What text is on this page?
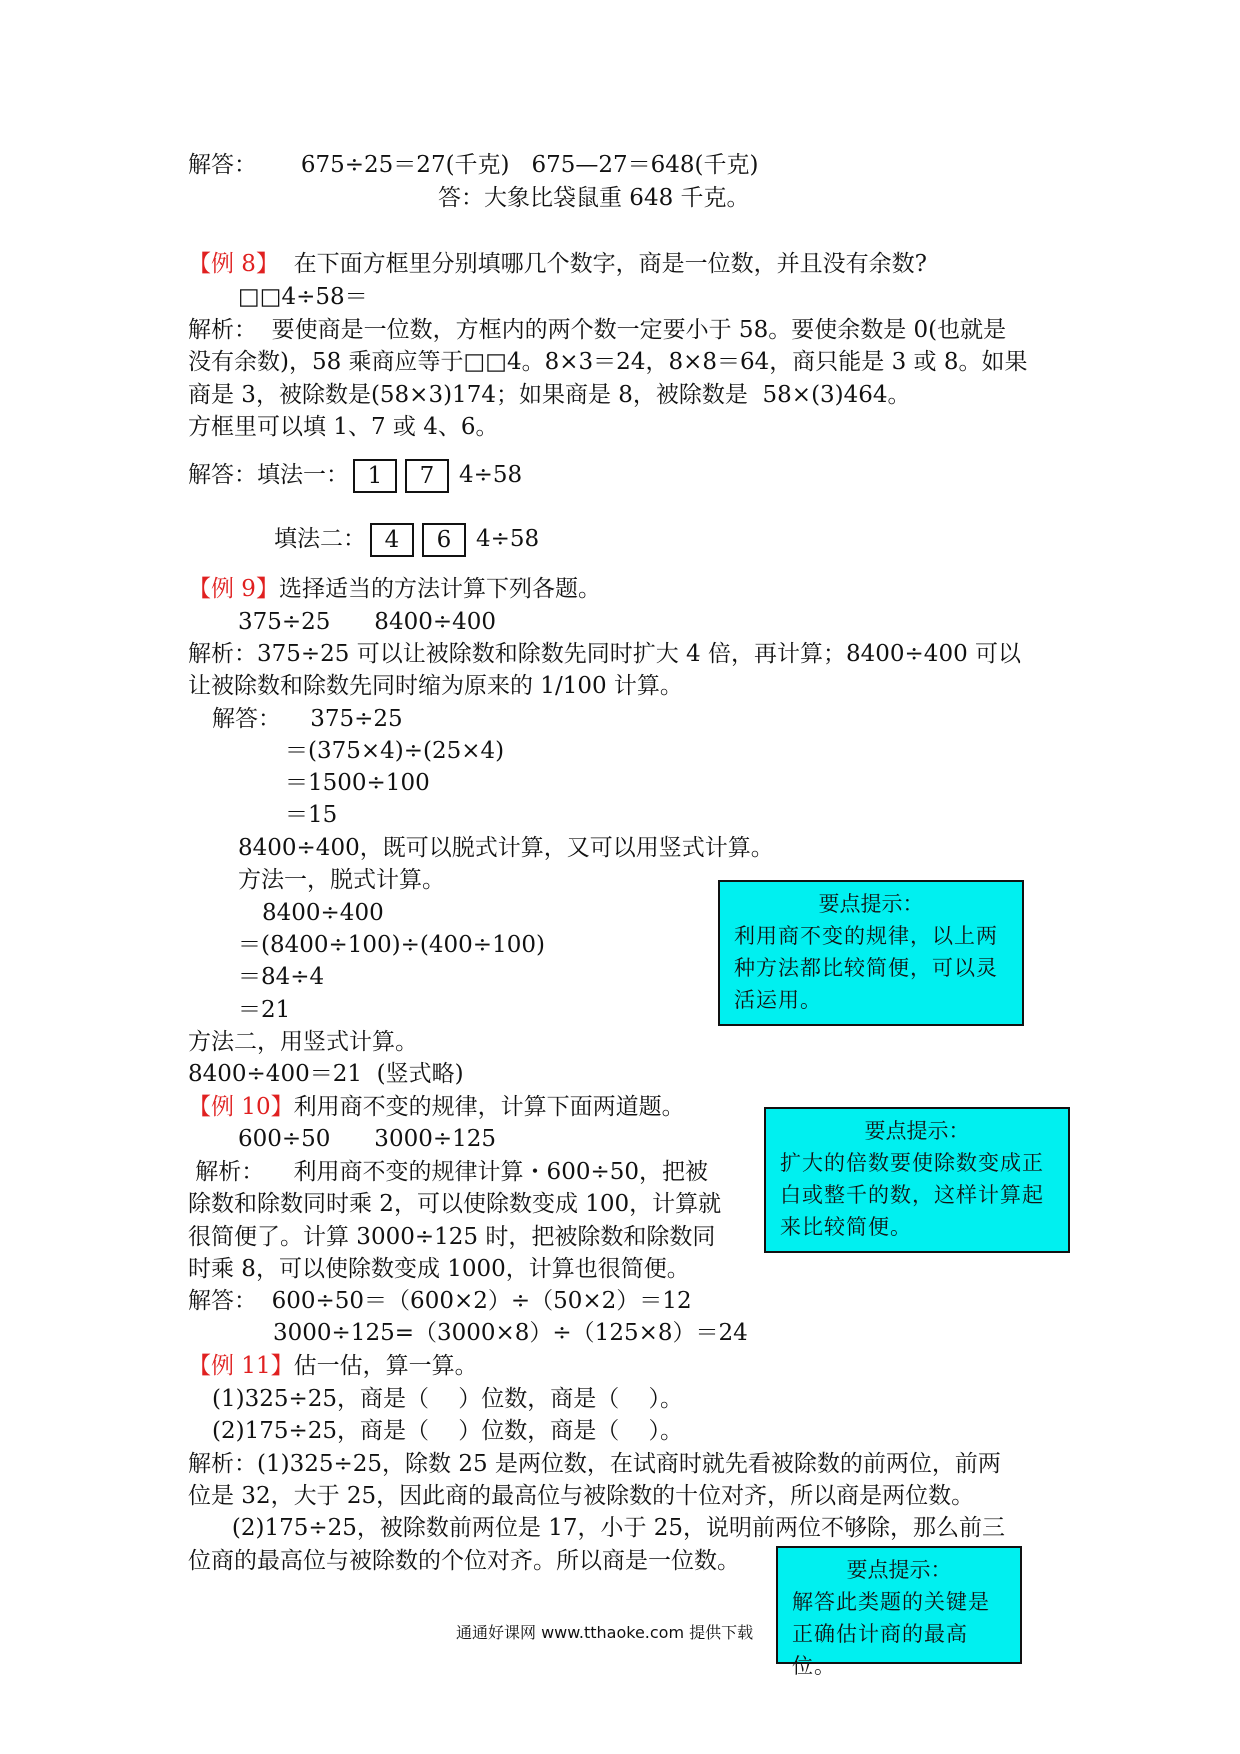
解答：      675÷25＝27(千克)   675—27＝648(千克)
答：大象比袋鼠重 648 千克。
【例 8】  在下面方框里分别填哪几个数字，商是一位数，并且没有余数?
□□4÷58＝
解析：  要使商是一位数，方框内的两个数一定要小于 58。要使余数是 0(也就是
没有余数)，58 乘商应等于□□4。8×3＝24，8×8＝64，商只能是 3 或 8。如果
商是 3，被除数是(58×3)174；如果商是 8，被除数是  58×(3)464。
方框里可以填 1、7 或 4、6。
解答：填法一： 1 7 4÷58
填法二： 4 6 4÷58
【例 9】选择适当的方法计算下列各题。
375÷25      8400÷400
解析：375÷25 可以让被除数和除数先同时扩大 4 倍，再计算；8400÷400 可以
让被除数和除数先同时缩为原来的 1/100 计算。
解答：    375÷25
＝(375×4)÷(25×4)
＝1500÷100
＝15
8400÷400，既可以脱式计算，又可以用竖式计算。
方法一，脱式计算。
8400÷400
＝(8400÷100)÷(400÷100)
＝84÷4
＝21
方法二，用竖式计算。
8400÷400＝21  (竖式略)
要点提示：
利用商不变的规律，以上两种方法都比较简便，可以灵活运用。
【例 10】利用商不变的规律，计算下面两道题。
600÷50      3000÷125
解析：    利用商不变的规律计算・600÷50，把被
除数和除数同时乘 2，可以使除数变成 100，计算就
很简便了。计算 3000÷125 时，把被除数和除数同
时乘 8，可以使除数变成 1000，计算也很简便。
解答：  600÷50＝（600×2）÷（50×2）＝12
3000÷125=（3000×8）÷（125×8）＝24
要点提示：
扩大的倍数要使除数变成正白或整千的数，这样计算起来比较简便。
【例 11】估一估，算一算。
(1)325÷25，商是（    ）位数，商是（    ）。
(2)175÷25，商是（    ）位数，商是（    ）。
解析：(1)325÷25，除数 25 是两位数，在试商时就先看被除数的前两位，前两
位是 32，大于 25，因此商的最高位与被除数的十位对齐，所以商是两位数。
(2)175÷25，被除数前两位是 17，小于 25，说明前两位不够除，那么前三
位商的最高位与被除数的个位对齐。所以商是一位数。
通通好课网 www.tthaoke.com 提供下载
要点提示：
解答此类题的关键是正确估计商的最高位。
